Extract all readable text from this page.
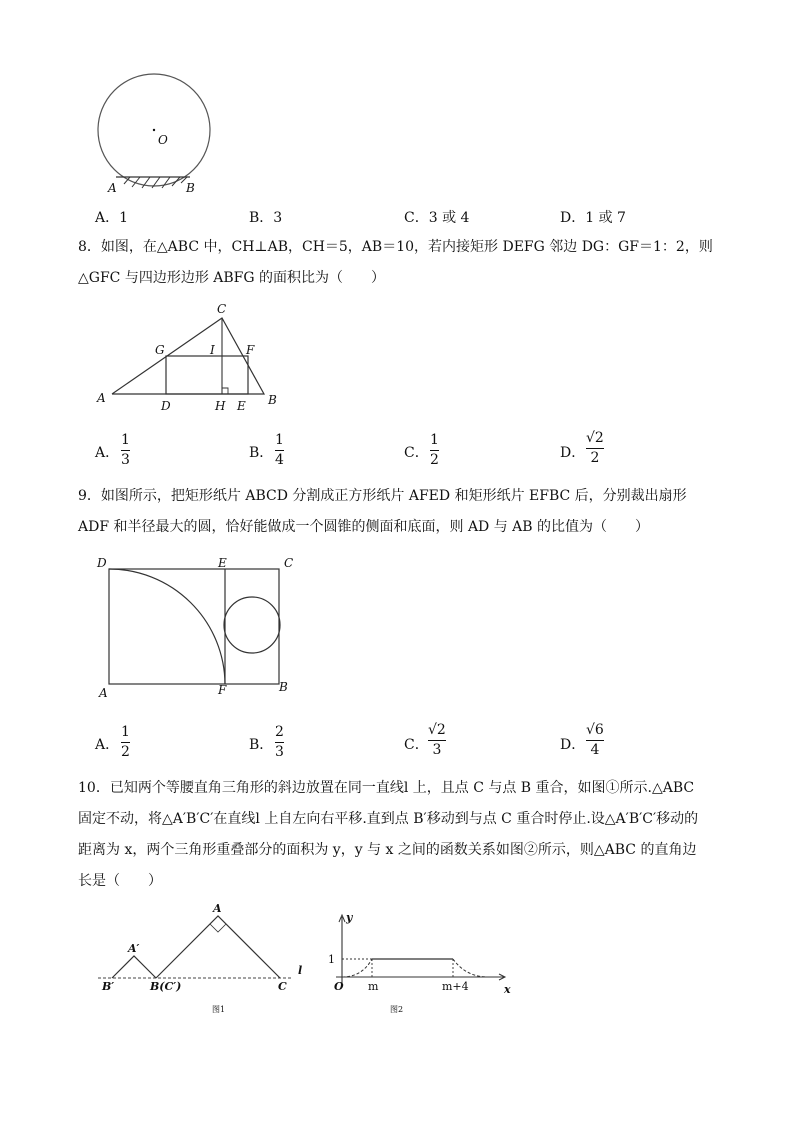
O
A	B
A．1	B．3	C．3 或 4	D．1 或 7
8．如图，在△ABC 中，CH⊥AB，CH＝5，AB＝10，若内接矩形 DEFG 邻边 DG：GF＝1：2，则
△GFC 与四边形边形 ABFG 的面积比为（　　）
C
G	I	F
A
D	H E B
A．
1
3	B．
1
4	C．
1
2	D．
√2
2
9．如图所示，把矩形纸片 ABCD 分割成正方形纸片 AFED 和矩形纸片 EFBC 后，分别裁出扇形
ADF 和半径最大的圆，恰好能做成一个圆锥的侧面和底面，则 AD 与 AB 的比值为（　　）
D	E	C
A	F	B
A．
1
2	B．
2
3	C．
√2
3	D．
√6
4
10．已知两个等腰直角三角形的斜边放置在同一直线l 上，且点 C 与点 B 重合，如图①所示.△ABC
固定不动，将△A′B′C′在直线l 上自左向右平移.直到点 B′移动到与点 C 重合时停止.设△A′B′C′移动的
距离为 x，两个三角形重叠部分的面积为 y，y 与 x 之间的函数关系如图②所示，则△ABC 的直角边
长是（　　）
A
A′
B′	B(C′)	C
l
图1
y
1
O m	m+4	x
图2
